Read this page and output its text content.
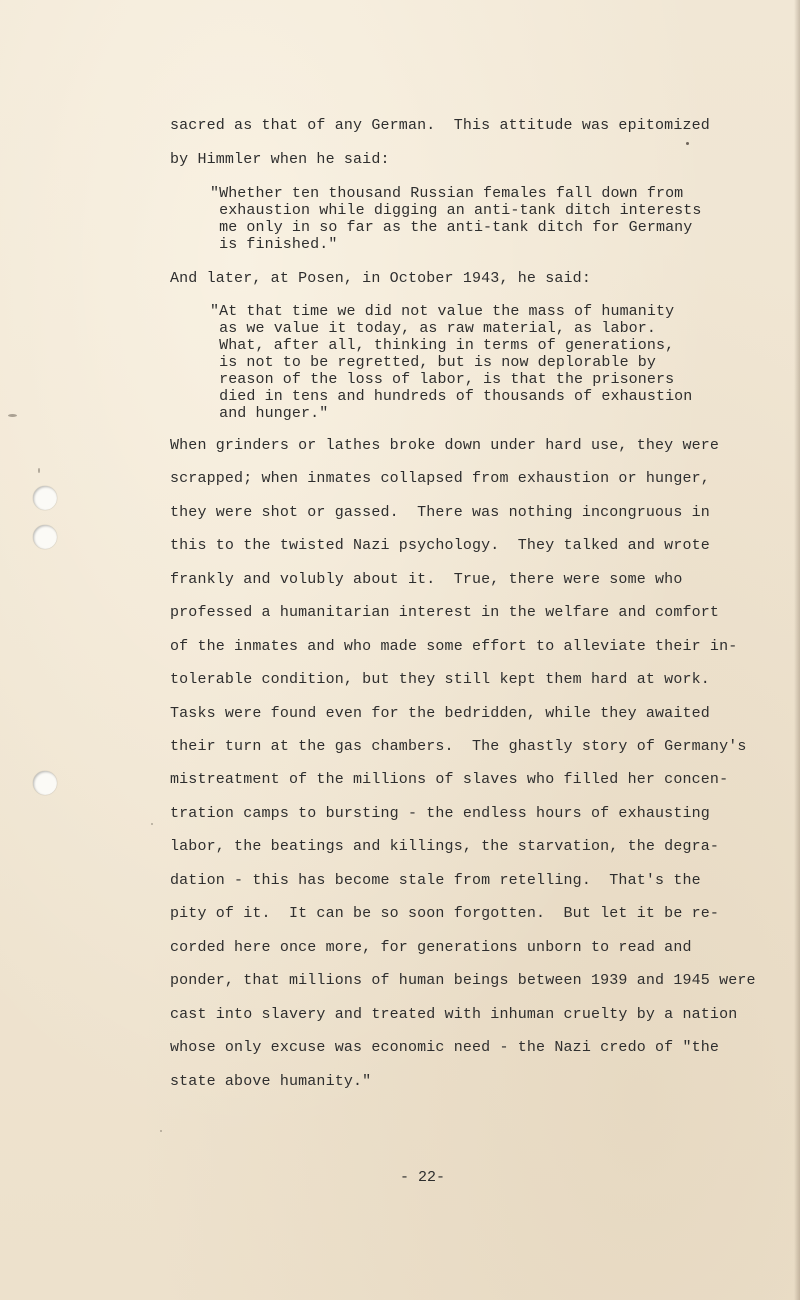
sacred as that of any German.  This attitude was epitomized
by Himmler when he said:
"Whether ten thousand Russian females fall down from
exhaustion while digging an anti-tank ditch interests
me only in so far as the anti-tank ditch for Germany
is finished."
And later, at Posen, in October 1943, he said:
"At that time we did not value the mass of humanity
as we value it today, as raw material, as labor.
What, after all, thinking in terms of generations,
is not to be regretted, but is now deplorable by
reason of the loss of labor, is that the prisoners
died in tens and hundreds of thousands of exhaustion
and hunger."
When grinders or lathes broke down under hard use, they were
scrapped; when inmates collapsed from exhaustion or hunger,
they were shot or gassed.  There was nothing incongruous in
this to the twisted Nazi psychology.  They talked and wrote
frankly and volubly about it.  True, there were some who
professed a humanitarian interest in the welfare and comfort
of the inmates and who made some effort to alleviate their in-
tolerable condition, but they still kept them hard at work.
Tasks were found even for the bedridden, while they awaited
their turn at the gas chambers.  The ghastly story of Germany's
mistreatment of the millions of slaves who filled her concen-
tration camps to bursting - the endless hours of exhausting
labor, the beatings and killings, the starvation, the degra-
dation - this has become stale from retelling.  That's the
pity of it.  It can be so soon forgotten.  But let it be re-
corded here once more, for generations unborn to read and
ponder, that millions of human beings between 1939 and 1945 were
cast into slavery and treated with inhuman cruelty by a nation
whose only excuse was economic need - the Nazi credo of "the
state above humanity."
- 22-
